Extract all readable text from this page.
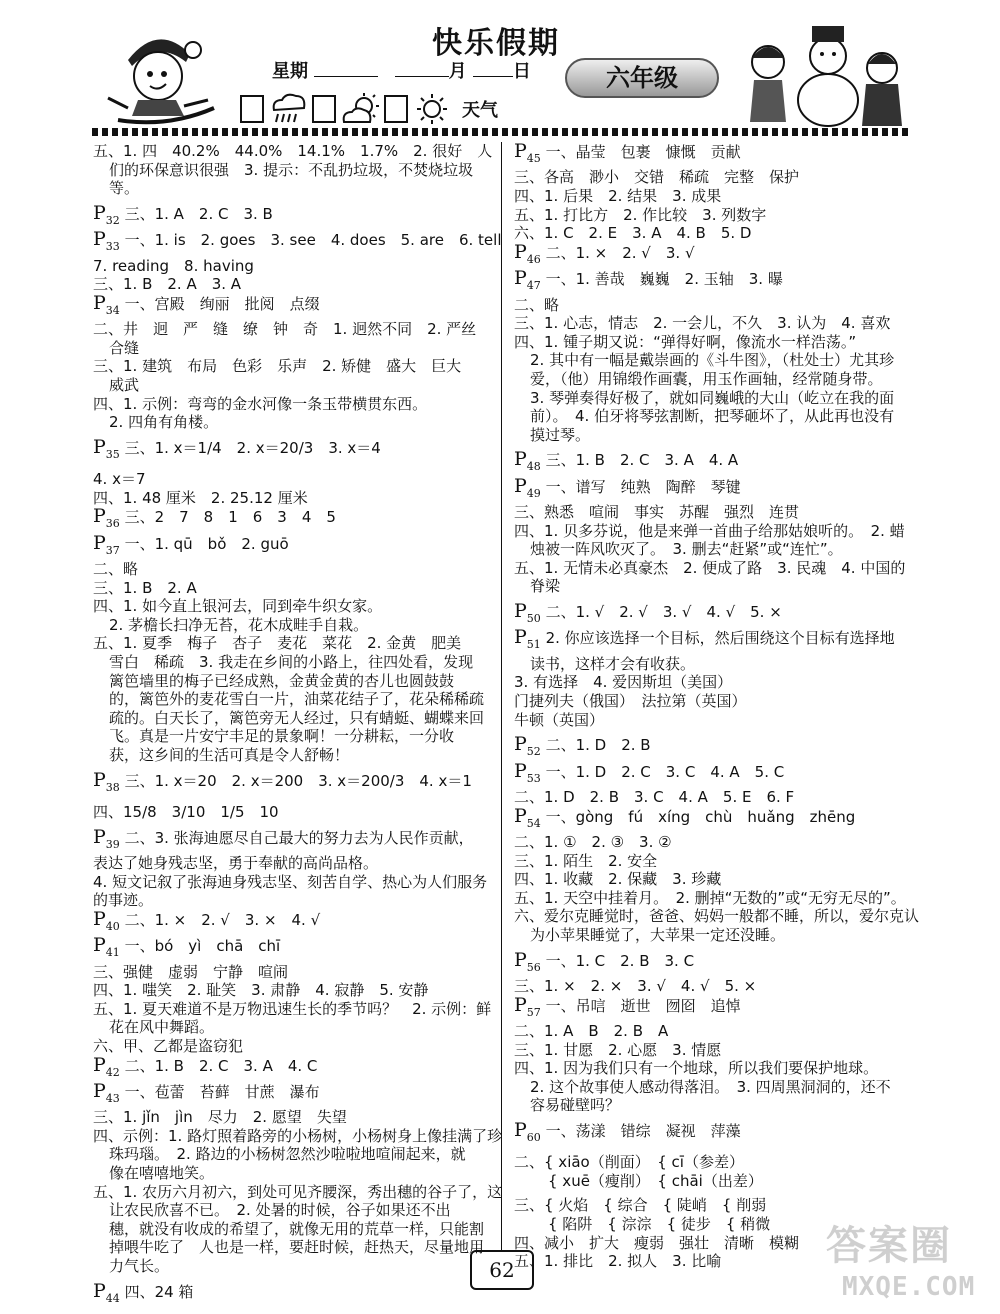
快乐假期
星期	月	日
天气
六年级
五、1. 四　40.2%　44.0%　14.1%　1.7%　2. 很好　人
们的环保意识很强　3. 提示：不乱扔垃圾，不焚烧垃圾
等。
$P_{32}$ 三、1. A　2. C　3. B
$P_{33}$ 一、1. is　2. goes　3. see　4. does　5. are　6. tell
7. reading　8. having
三、1. B　2. A　3. A
$P_{34}$ 一、宫殿　绚丽　批阅　点缀
二、井　迥　严　缝　缭　钟　奇　1. 迥然不同　2. 严丝
合缝
三、1. 建筑　布局　色彩　乐声　2. 矫健　盛大　巨大
威武
四、1. 示例：弯弯的金水河像一条玉带横贯东西。
2. 四角有角楼。
$P_{35}$ 三、1. x＝1/4　2. x＝20/3　3. x＝4
4. x＝7
四、1. 48 厘米　2. 25.12 厘米
$P_{36}$ 三、2　7　8　1　6　3　4　5
$P_{37}$ 一、1. qū　bǒ　2. guō
二、略
三、1. B　2. A
四、1. 如今直上银河去，同到牵牛织女家。
2. 茅檐长扫净无苔，花木成畦手自栽。
五、1. 夏季　梅子　杏子　麦花　菜花　2. 金黄　肥美
雪白　稀疏　3. 我走在乡间的小路上，往四处看，发现
篱笆墙里的梅子已经成熟，金黄金黄的杏儿也圆鼓鼓
的，篱笆外的麦花雪白一片，油菜花结子了，花朵稀稀疏
疏的。白天长了，篱笆旁无人经过，只有蜻蜓、蝴蝶来回
飞。真是一片安宁丰足的景象啊！一分耕耘，一分收
获，这乡间的生活可真是令人舒畅！
$P_{38}$ 三、1. x＝20　2. x＝200　3. x＝200/3　4. x＝1
四、15/8　3/10　1/5　10
$P_{39}$ 二、3. 张海迪愿尽自己最大的努力去为人民作贡献，
表达了她身残志坚，勇于奉献的高尚品格。
4. 短文记叙了张海迪身残志坚、刻苦自学、热心为人们服务
的事迹。
$P_{40}$ 二、1. ×　2. √　3. ×　4. √
$P_{41}$ 一、bó　yì　chā　chī
三、强健　虚弱　宁静　喧闹
四、1. 嗤笑　2. 耻笑　3. 肃静　4. 寂静　5. 安静
五、1. 夏天难道不是万物迅速生长的季节吗？　2. 示例：鲜
花在风中舞蹈。
六、甲、乙都是盗窃犯
$P_{42}$ 二、1. B　2. C　3. A　4. C
$P_{43}$ 一、苞蕾　苔藓　甘蔗　瀑布
三、1. jǐn　jìn　尽力　2. 愿望　失望
四、示例：1. 路灯照着路旁的小杨树，小杨树身上像挂满了珍
珠玛瑙。　2. 路边的小杨树忽然沙啦啦地喧闹起来，就
像在嘻嘻地笑。
五、1. 农历六月初六，到处可见齐腰深，秀出穗的谷子了，这
让农民欣喜不已。　2. 处暑的时候，谷子如果还不出
穗，就没有收成的希望了，就像无用的荒草一样，只能割
掉喂牛吃了　人也是一样，要赶时候，赶热天，尽量地用
力气长。
$P_{44}$ 四、24 箱
$P_{45}$ 一、晶莹　包裹　慷慨　贡献
三、各高　渺小　交错　稀疏　完整　保护
四、1. 后果　2. 结果　3. 成果
五、1. 打比方　2. 作比较　3. 列数字
六、1. C　2. E　3. A　4. B　5. D
$P_{46}$ 二、1. ×　2. √　3. √
$P_{47}$ 一、1. 善哉　巍巍　2. 玉轴　3. 曝
二、略
三、1. 心志，情志　2. 一会儿，不久　3. 认为　4. 喜欢
四、1. 锺子期又说：“弹得好啊，像流水一样浩荡。”
2. 其中有一幅是戴崇画的《斗牛图》，（杜处士）尤其珍
爱，（他）用锦缎作画囊，用玉作画轴，经常随身带。
3. 琴弹奏得好极了，就如同巍峨的大山（屹立在我的面
前）。　4. 伯牙将琴弦割断，把琴砸坏了，从此再也没有
摸过琴。
$P_{48}$ 三、1. B　2. C　3. A　4. A
$P_{49}$ 一、谱写　纯熟　陶醉　琴键
三、熟悉　喧闹　事实　苏醒　强烈　连贯
四、1. 贝多芬说，他是来弹一首曲子给那姑娘听的。　2. 蜡
烛被一阵风吹灭了。　3. 删去“赶紧”或“连忙”。
五、1. 无情未必真豪杰　2. 便成了路　3. 民魂　4. 中国的
脊梁
$P_{50}$ 二、1. √　2. √　3. √　4. √　5. ×
$P_{51}$ 2. 你应该选择一个目标，然后围绕这个目标有选择地
读书，这样才会有收获。
3. 有选择　4. 爱因斯坦（美国）
门捷列夫（俄国）　法拉第（英国）
牛顿（英国）
$P_{52}$ 二、1. D　2. B
$P_{53}$ 一、1. D　2. C　3. C　4. A　5. C
二、1. D　2. B　3. C　4. A　5. E　6. F
$P_{54}$ 一、gòng　fú　xíng　chù　huǎng　zhēng
二、1. ①　2. ③　3. ②
三、1. 陌生　2. 安全
四、1. 收藏　2. 保藏　3. 珍藏
五、1. 天空中挂着月。　2. 删掉“无数的”或“无穷无尽的”。
六、爱尔克睡觉时，爸爸、妈妈一般都不睡，所以，爱尔克认
为小苹果睡觉了，大苹果一定还没睡。
$P_{56}$ 一、1. C　2. B　3. C
三、1. ×　2. ×　3. √　4. √　5. ×
$P_{57}$ 一、吊唁　逝世　囫囵　追悼
二、1. A　B　2. B　A
三、1. 甘愿　2. 心愿　3. 情愿
四、1. 因为我们只有一个地球，所以我们要保护地球。
2. 这个故事使人感动得落泪。　3. 四周黑洞洞的，还不
容易碰壁吗？
$P_{60}$ 一、荡漾　错综　凝视　萍藻
二、{ xiāo（削面）　{ cī（参差）
{ xuē（瘦削）　{ chāi（出差）
三、{ 火焰　{ 综合　{ 陡峭　{ 削弱
{ 陷阱　{ 淙淙　{ 徒步　{ 稍微
四、减小　扩大　瘦弱　强壮　清晰　模糊
五、1. 排比　2. 拟人　3. 比喻
62
答案圈
MXQE.COM
